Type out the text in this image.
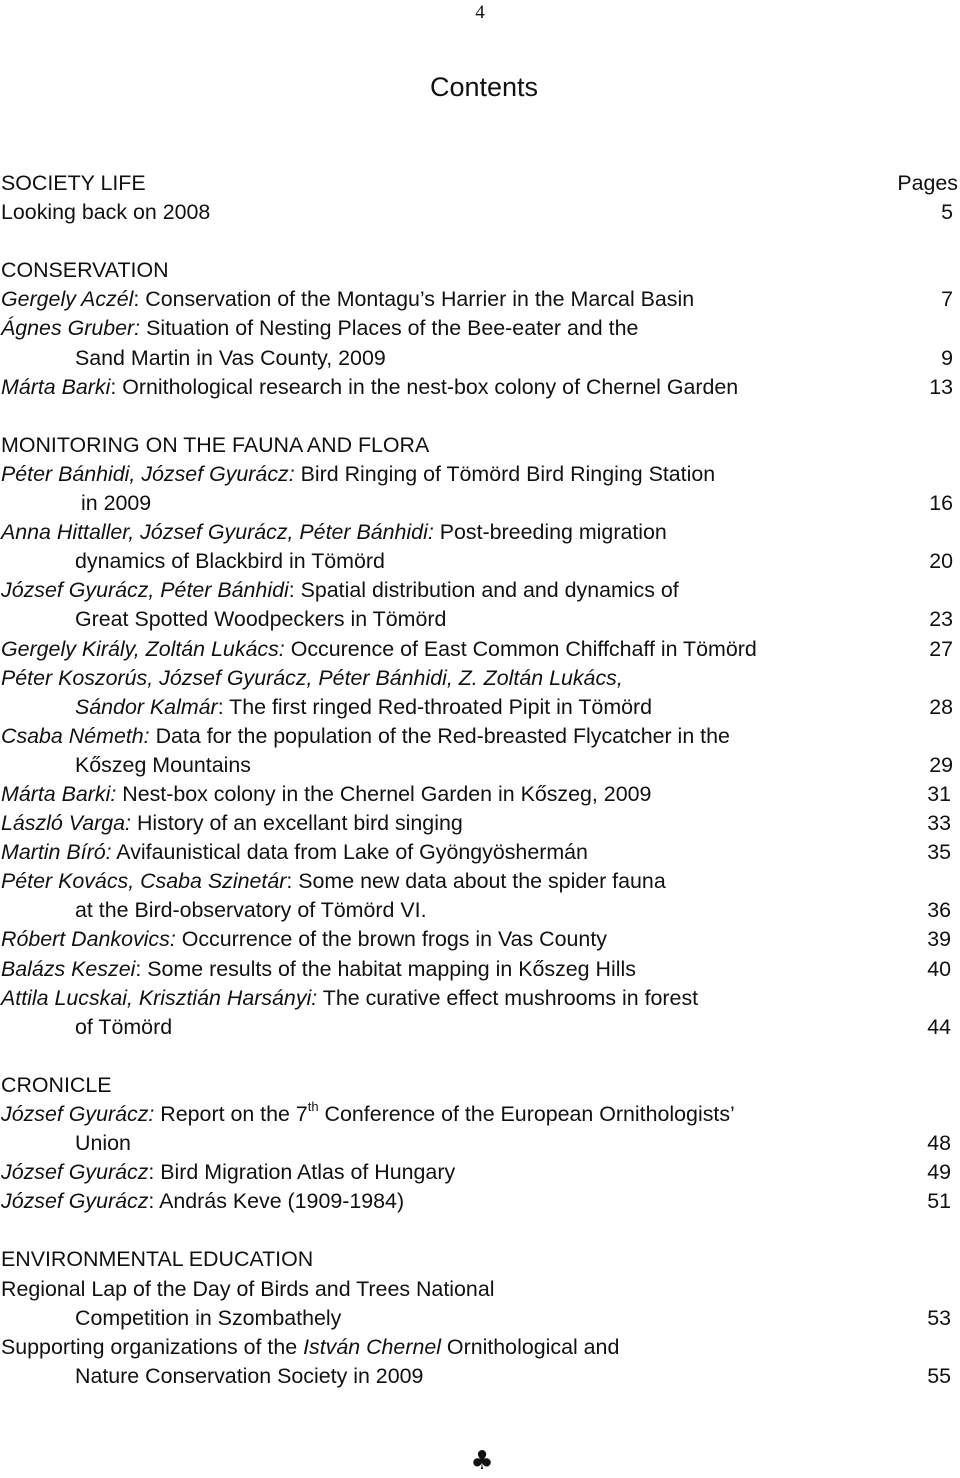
4
Contents
SOCIETY LIFE	Pages
Looking back on 2008	5
CONSERVATION
Gergely Aczél: Conservation of the Montagu’s Harrier in the Marcal Basin	7
Ágnes Gruber: Situation of Nesting Places of the Bee-eater and the
Sand Martin in Vas County, 2009	9
Márta Barki: Ornithological research in the nest-box colony of Chernel Garden	13
MONITORING ON THE FAUNA AND FLORA
Péter Bánhidi, József Gyurácz: Bird Ringing of Tömörd Bird Ringing Station
in 2009	16
Anna Hittaller, József Gyurácz, Péter Bánhidi: Post-breeding migration
dynamics of Blackbird in Tömörd	20
József Gyurácz, Péter Bánhidi: Spatial distribution and and dynamics of
Great Spotted Woodpeckers in Tömörd	23
Gergely Király, Zoltán Lukács: Occurence of East Common Chiffchaff in Tömörd	27
Péter Koszorús, József Gyurácz, Péter Bánhidi, Z. Zoltán Lukács,
Sándor Kalmár: The first ringed Red-throated Pipit in Tömörd	28
Csaba Németh: Data for the population of the Red-breasted Flycatcher in the
Kőszeg Mountains	29
Márta Barki: Nest-box colony in the Chernel Garden in Kőszeg, 2009	31
László Varga: History of an excellant bird singing	33
Martin Bíró: Avifaunistical data from Lake of Gyöngyöshermán	35
Péter Kovács, Csaba Szinetár: Some new data about the spider fauna
at the Bird-observatory of Tömörd VI.	36
Róbert Dankovics: Occurrence of the brown frogs in Vas County	39
Balázs Keszei: Some results of the habitat mapping in Kőszeg Hills	40
Attila Lucskai, Krisztián Harsányi: The curative effect mushrooms in forest
of Tömörd	44
CRONICLE
József Gyurácz: Report on the 7th Conference of the European Ornithologists’
Union	48
József Gyurácz: Bird Migration Atlas of Hungary	49
József Gyurácz: András Keve (1909-1984)	51
ENVIRONMENTAL EDUCATION
Regional Lap of the Day of Birds and Trees National
Competition in Szombathely	53
Supporting organizations of the István Chernel Ornithological and
Nature Conservation Society in 2009	55
♣
